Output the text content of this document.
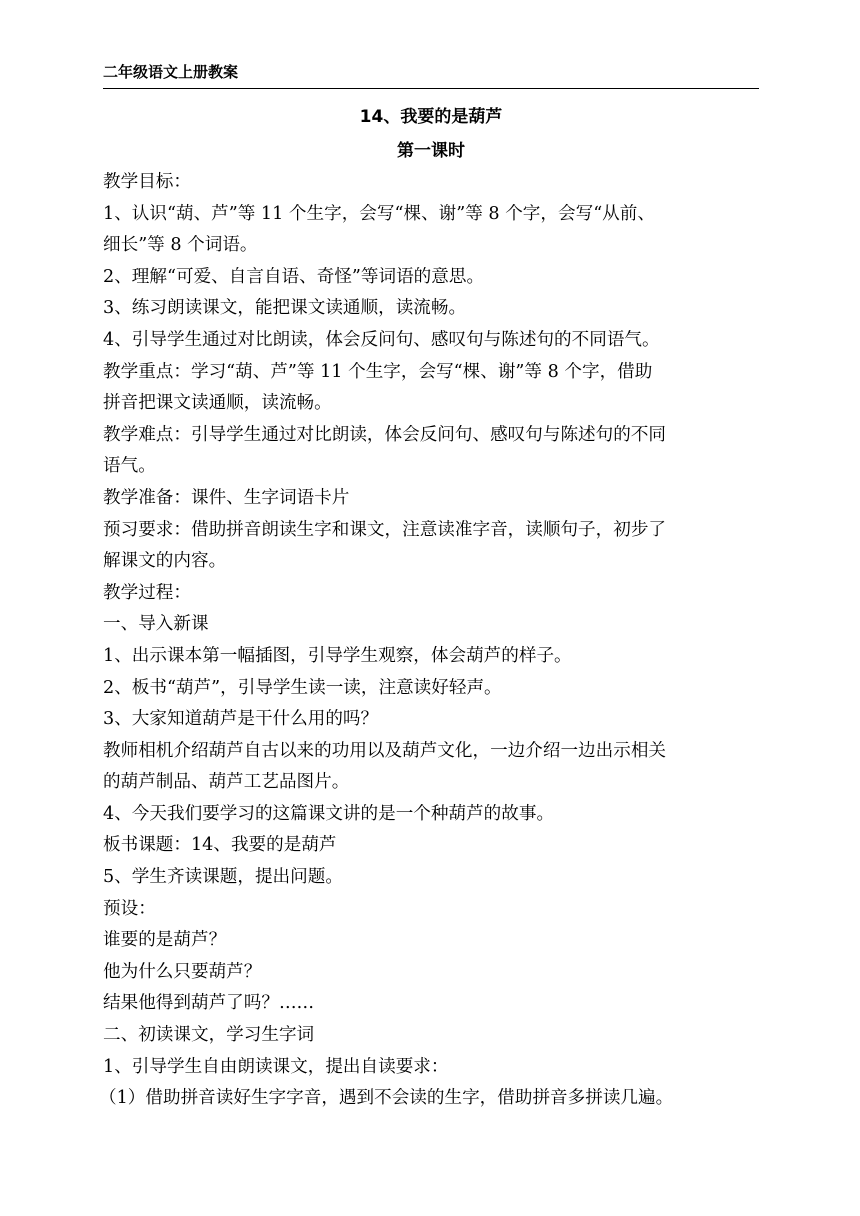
二年级语文上册教案
14、我要的是葫芦
第一课时
教学目标：
1、认识“葫、芦”等 11 个生字，会写“棵、谢”等 8 个字，会写“从前、
细长”等 8 个词语。
2、理解“可爱、自言自语、奇怪”等词语的意思。
3、练习朗读课文，能把课文读通顺，读流畅。
4、引导学生通过对比朗读，体会反问句、感叹句与陈述句的不同语气。
教学重点：学习“葫、芦”等 11 个生字，会写“棵、谢”等 8 个字，借助
拼音把课文读通顺，读流畅。
教学难点：引导学生通过对比朗读，体会反问句、感叹句与陈述句的不同
语气。
教学准备：课件、生字词语卡片
预习要求：借助拼音朗读生字和课文，注意读准字音，读顺句子，初步了
解课文的内容。
教学过程：
一、导入新课
1、出示课本第一幅插图，引导学生观察，体会葫芦的样子。
2、板书“葫芦”，引导学生读一读，注意读好轻声。
3、大家知道葫芦是干什么用的吗？
教师相机介绍葫芦自古以来的功用以及葫芦文化，一边介绍一边出示相关
的葫芦制品、葫芦工艺品图片。
4、今天我们要学习的这篇课文讲的是一个种葫芦的故事。
板书课题：14、我要的是葫芦
5、学生齐读课题，提出问题。
预设：
谁要的是葫芦？
他为什么只要葫芦？
结果他得到葫芦了吗？……
二、初读课文，学习生字词
1、引导学生自由朗读课文，提出自读要求：
（1）借助拼音读好生字字音，遇到不会读的生字，借助拼音多拼读几遍。
